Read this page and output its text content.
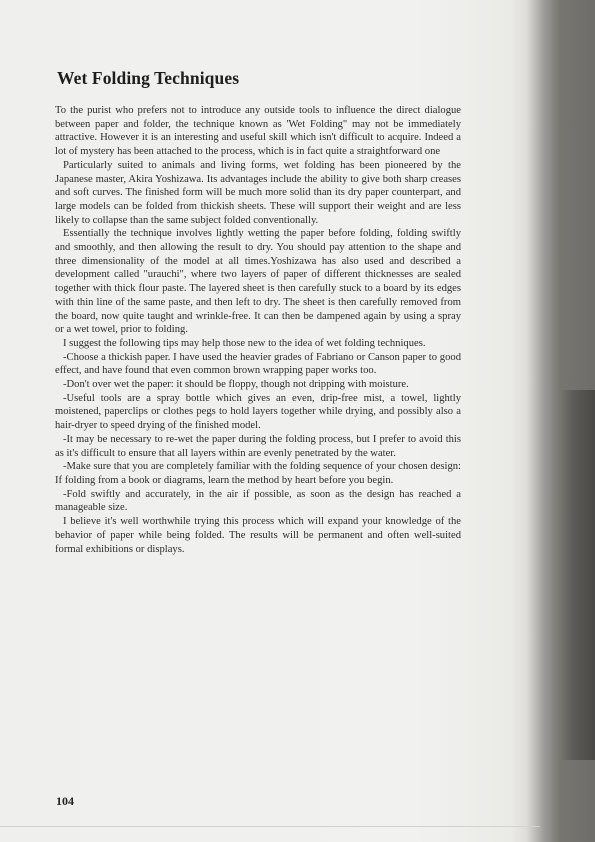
Wet Folding Techniques

To the purist who prefers not to introduce any outside tools to influence the direct dialogue between paper and folder, the technique known as 'Wet Folding" may not be immediately attractive. However it is an interesting and useful skill which isn't difficult to acquire. Indeed a lot of mystery has been attached to the process, which is in fact quite a straightforward one

Particularly suited to animals and living forms, wet folding has been pioneered by the Japanese master, Akira Yoshizawa. Its advantages include the ability to give both sharp creases and soft curves. The finished form will be much more solid than its dry paper counterpart, and large models can be folded from thickish sheets. These will support their weight and are less likely to collapse than the same subject folded conventionally.

Essentially the technique involves lightly wetting the paper before folding, folding swiftly and smoothly, and then allowing the result to dry. You should pay attention to the shape and three dimensionality of the model at all times.Yoshizawa has also used and described a development called "urauchi", where two layers of paper of different thicknesses are sealed together with thick flour paste. The layered sheet is then carefully stuck to a board by its edges with thin line of the same paste, and then left to dry. The sheet is then carefully removed from the board, now quite taught and wrinkle-free. It can then be dampened again by using a spray or a wet towel, prior to folding.

I suggest the following tips may help those new to the idea of wet folding techniques.

-Choose a thickish paper. I have used the heavier grades of Fabriano or Canson paper to good effect, and have found that even common brown wrapping paper works too.

-Don't over wet the paper: it should be floppy, though not dripping with moisture.

-Useful tools are a spray bottle which gives an even, drip-free mist, a towel, lightly moistened, paperclips or clothes pegs to hold layers together while drying, and possibly also a hair-dryer to speed drying of the finished model.

-It may be necessary to re-wet the paper during the folding process, but I prefer to avoid this as it's difficult to ensure that all layers within are evenly penetrated by the water.

-Make sure that you are completely familiar with the folding sequence of your chosen design: If folding from a book or diagrams, learn the method by heart before you begin.

-Fold swiftly and accurately, in the air if possible, as soon as the design has reached a manageable size.

I believe it's well worthwhile trying this process which will expand your knowledge of the behavior of paper while being folded. The results will be permanent and often well-suited formal exhibitions or displays.

104
